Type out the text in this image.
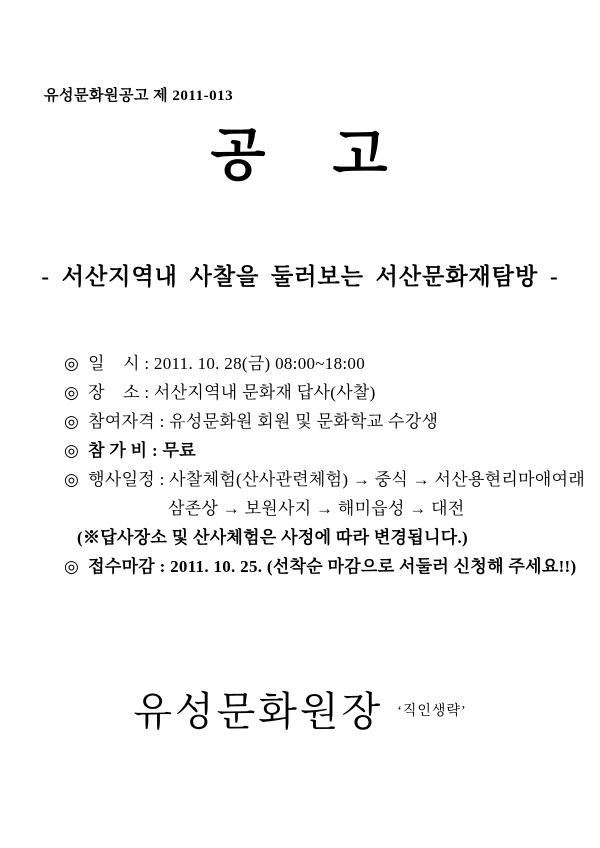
유성문화원공고 제 2011-013
공    고
- 서산지역내 사찰을 둘러보는 서산문화재탐방 -
◎ 일    시 : 2011. 10. 28(금) 08:00~18:00
◎ 장    소 : 서산지역내 문화재 답사(사찰)
◎ 참여자격 : 유성문화원 회원 및 문화학교 수강생
◎ 참 가 비 : 무료
◎ 행사일정 : 사찰체험(산사관련체험) → 중식 → 서산용현리마애여래
삼존상 → 보원사지 → 해미읍성 → 대전
(※답사장소 및 산사체험은 사정에 따라 변경됩니다.)
◎ 접수마감 : 2011. 10. 25. (선착순 마감으로 서둘러 신청해 주세요!!)
유성문화원장 ‘직인생략’
